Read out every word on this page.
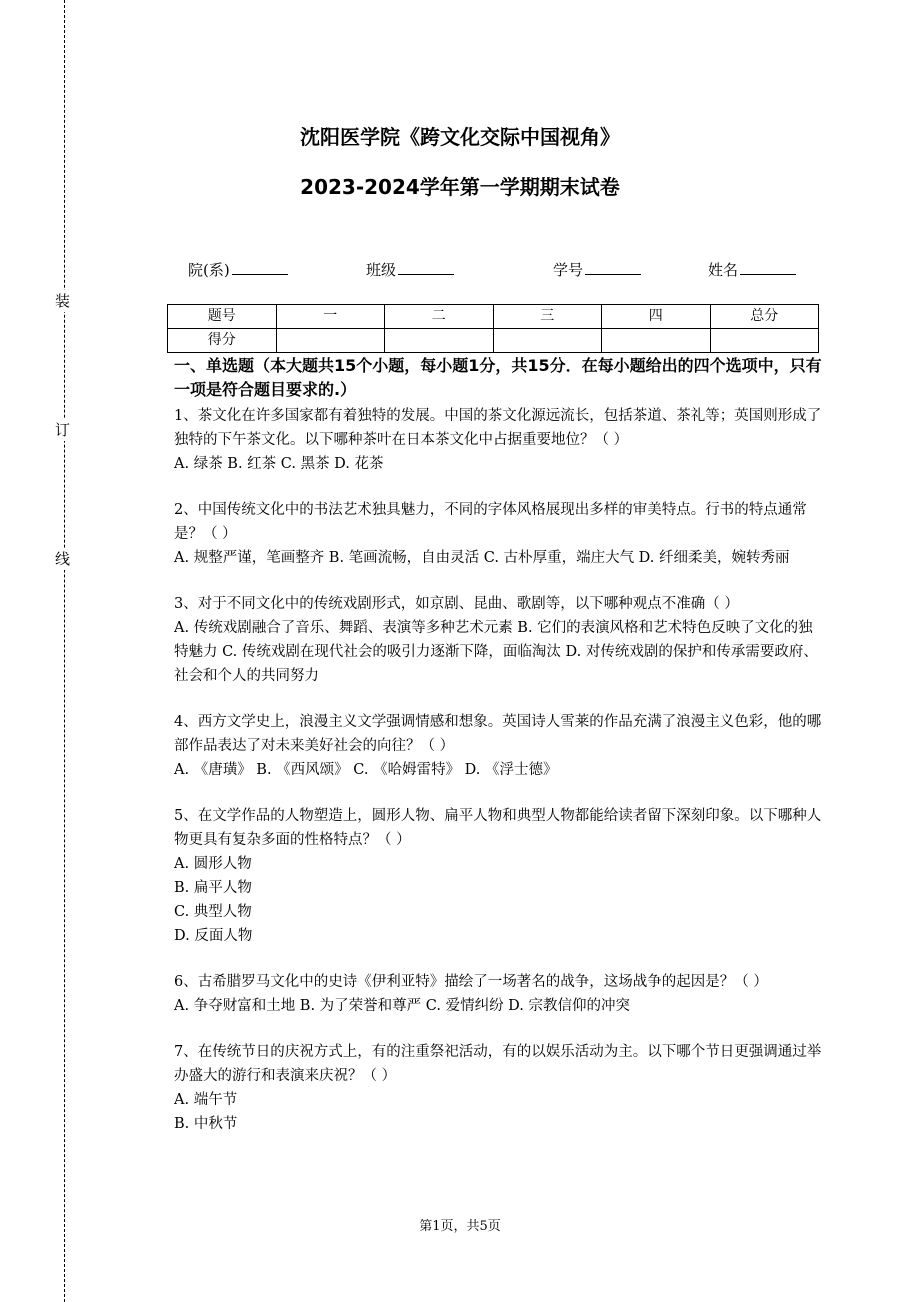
装
订
线
沈阳医学院《跨文化交际中国视角》
2023-2024学年第一学期期末试卷
院(系)	班级	学号	姓名
题号	一	二	三	四	总分
得分					

一、单选题（本大题共15个小题，每小题1分，共15分．在每小题给出的四个选项中，只有一项是符合题目要求的.）

1、茶文化在许多国家都有着独特的发展。中国的茶文化源远流长，包括茶道、茶礼等；英国则形成了独特的下午茶文化。以下哪种茶叶在日本茶文化中占据重要地位？（ ）

A. 绿茶 B. 红茶 C. 黑茶 D. 花茶

2、中国传统文化中的书法艺术独具魅力，不同的字体风格展现出多样的审美特点。行书的特点通常是？（ ）

A. 规整严谨，笔画整齐 B. 笔画流畅，自由灵活 C. 古朴厚重，端庄大气 D. 纤细柔美，婉转秀丽

3、对于不同文化中的传统戏剧形式，如京剧、昆曲、歌剧等，以下哪种观点不准确（ ）

A. 传统戏剧融合了音乐、舞蹈、表演等多种艺术元素 B. 它们的表演风格和艺术特色反映了文化的独特魅力 C. 传统戏剧在现代社会的吸引力逐渐下降，面临淘汰 D. 对传统戏剧的保护和传承需要政府、社会和个人的共同努力

4、西方文学史上，浪漫主义文学强调情感和想象。英国诗人雪莱的作品充满了浪漫主义色彩，他的哪部作品表达了对未来美好社会的向往？（ ）

A. 《唐璜》 B. 《西风颂》 C. 《哈姆雷特》 D. 《浮士德》

5、在文学作品的人物塑造上，圆形人物、扁平人物和典型人物都能给读者留下深刻印象。以下哪种人物更具有复杂多面的性格特点？（ ）

A. 圆形人物

B. 扁平人物

C. 典型人物

D. 反面人物

6、古希腊罗马文化中的史诗《伊利亚特》描绘了一场著名的战争，这场战争的起因是？（ ）

A. 争夺财富和土地 B. 为了荣誉和尊严 C. 爱情纠纷 D. 宗教信仰的冲突

7、在传统节日的庆祝方式上，有的注重祭祀活动，有的以娱乐活动为主。以下哪个节日更强调通过举办盛大的游行和表演来庆祝？（ ）

A. 端午节

B. 中秋节

第1页，共5页
